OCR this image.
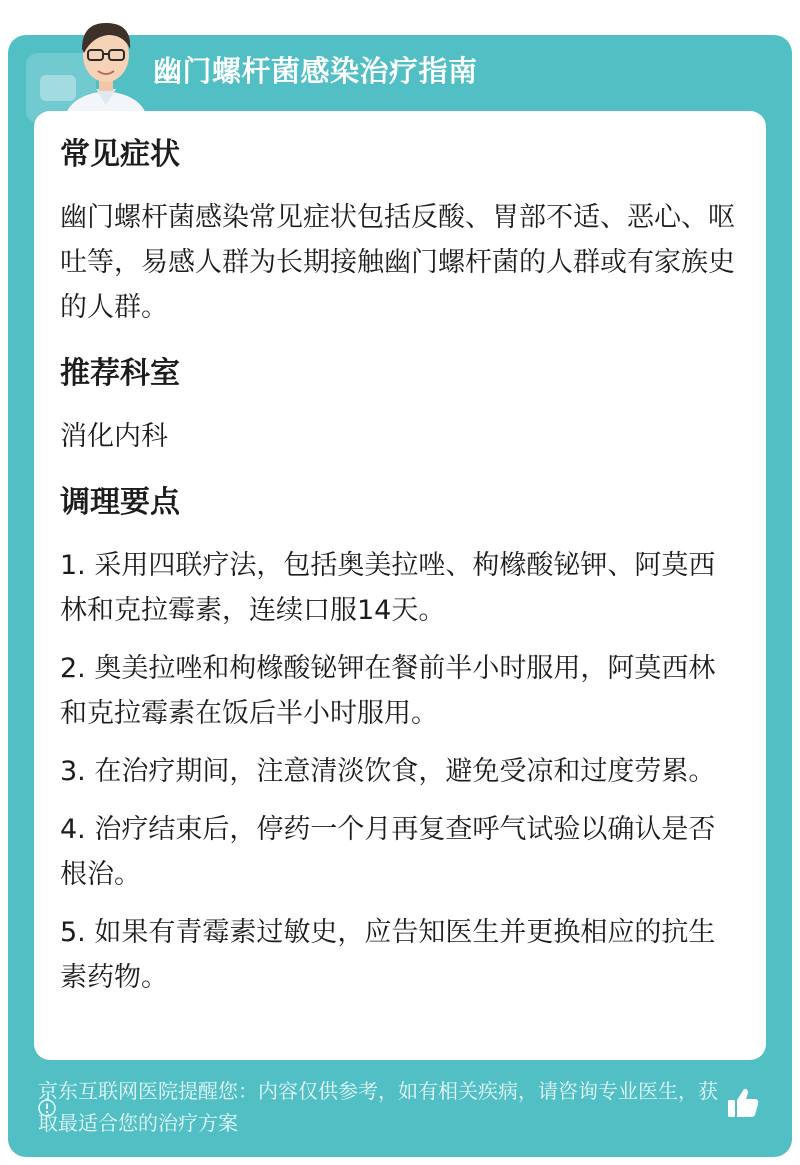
幽门螺杆菌感染治疗指南
常见症状

幽门螺杆菌感染常见症状包括反酸、胃部不适、恶心、呕吐等，易感人群为长期接触幽门螺杆菌的人群或有家族史的人群。

推荐科室

消化内科

调理要点

1. 采用四联疗法，包括奥美拉唑、枸橼酸铋钾、阿莫西林和克拉霉素，连续口服14天。

2. 奥美拉唑和枸橼酸铋钾在餐前半小时服用，阿莫西林和克拉霉素在饭后半小时服用。

3. 在治疗期间，注意清淡饮食，避免受凉和过度劳累。

4. 治疗结束后，停药一个月再复查呼气试验以确认是否根治。

5. 如果有青霉素过敏史，应告知医生并更换相应的抗生素药物。

京东互联网医院提醒您：内容仅供参考，如有相关疾病，请咨询专业医生，获取最适合您的治疗方案
